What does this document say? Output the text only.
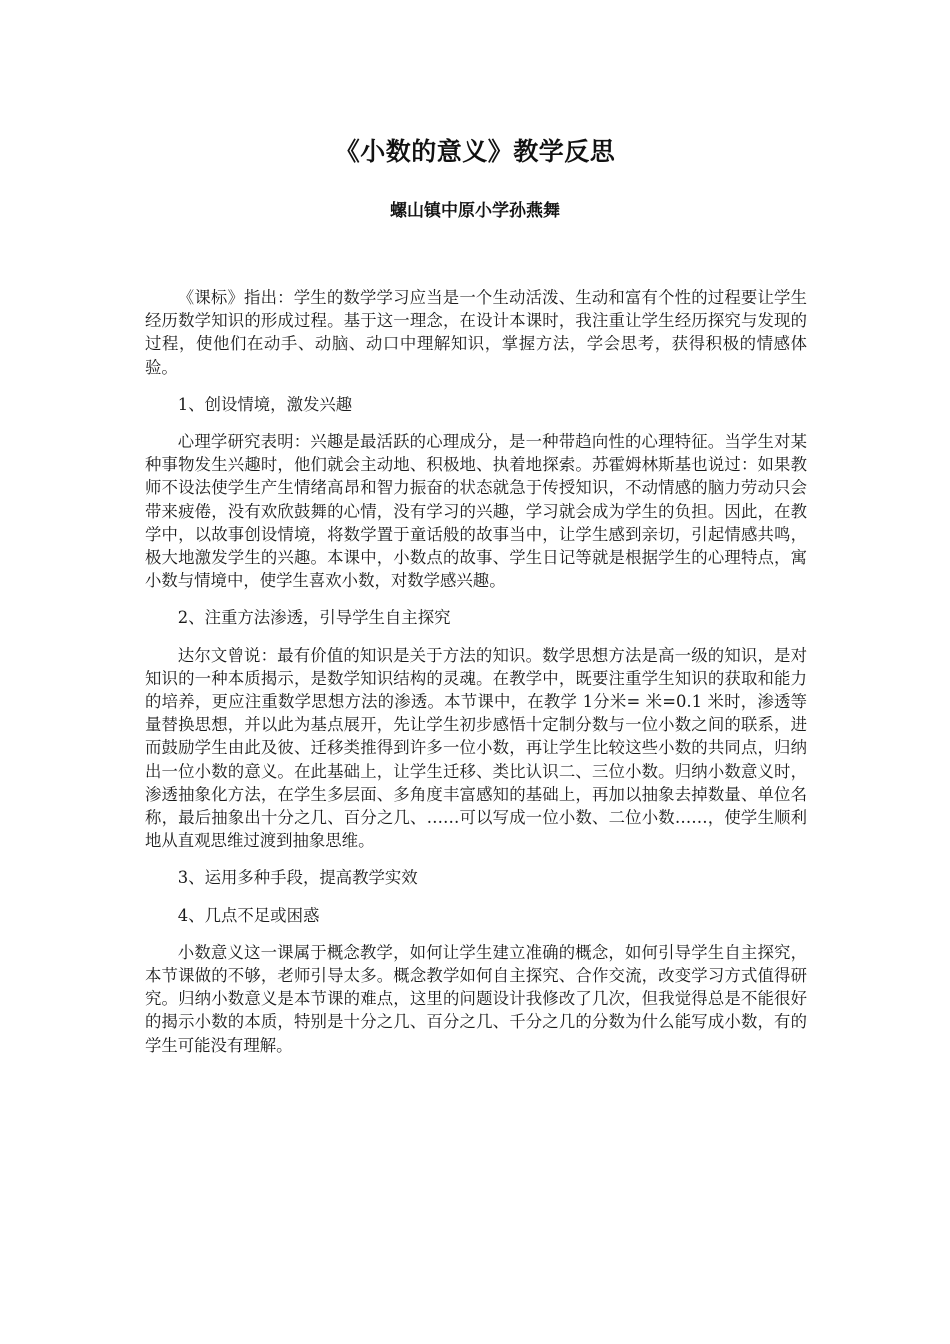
《小数的意义》教学反思
螺山镇中原小学孙燕舞

《课标》指出：学生的数学学习应当是一个生动活泼、生动和富有个性的过程要让学生经历数学知识的形成过程。基于这一理念，在设计本课时，我注重让学生经历探究与发现的过程，使他们在动手、动脑、动口中理解知识，掌握方法，学会思考，获得积极的情感体验。

1、创设情境，激发兴趣

心理学研究表明：兴趣是最活跃的心理成分，是一种带趋向性的心理特征。当学生对某种事物发生兴趣时，他们就会主动地、积极地、执着地探索。苏霍姆林斯基也说过：如果教师不设法使学生产生情绪高昂和智力振奋的状态就急于传授知识，不动情感的脑力劳动只会带来疲倦，没有欢欣鼓舞的心情，没有学习的兴趣，学习就会成为学生的负担。因此，在教学中，以故事创设情境，将数学置于童话般的故事当中，让学生感到亲切，引起情感共鸣，极大地激发学生的兴趣。本课中，小数点的故事、学生日记等就是根据学生的心理特点，寓小数与情境中，使学生喜欢小数，对数学感兴趣。

2、注重方法渗透，引导学生自主探究

达尔文曾说：最有价值的知识是关于方法的知识。数学思想方法是高一级的知识，是对知识的一种本质揭示，是数学知识结构的灵魂。在教学中，既要注重学生知识的获取和能力的培养，更应注重数学思想方法的渗透。本节课中，在教学 1分米= 米=0.1 米时，渗透等量替换思想，并以此为基点展开，先让学生初步感悟十定制分数与一位小数之间的联系，进而鼓励学生由此及彼、迁移类推得到许多一位小数，再让学生比较这些小数的共同点，归纳出一位小数的意义。在此基础上，让学生迁移、类比认识二、三位小数。归纳小数意义时，渗透抽象化方法，在学生多层面、多角度丰富感知的基础上，再加以抽象去掉数量、单位名称，最后抽象出十分之几、百分之几、……可以写成一位小数、二位小数……，使学生顺利地从直观思维过渡到抽象思维。

3、运用多种手段，提高教学实效

4、几点不足或困惑

小数意义这一课属于概念教学，如何让学生建立准确的概念，如何引导学生自主探究，本节课做的不够，老师引导太多。概念教学如何自主探究、合作交流，改变学习方式值得研究。归纳小数意义是本节课的难点，这里的问题设计我修改了几次，但我觉得总是不能很好的揭示小数的本质，特别是十分之几、百分之几、千分之几的分数为什么能写成小数，有的学生可能没有理解。
